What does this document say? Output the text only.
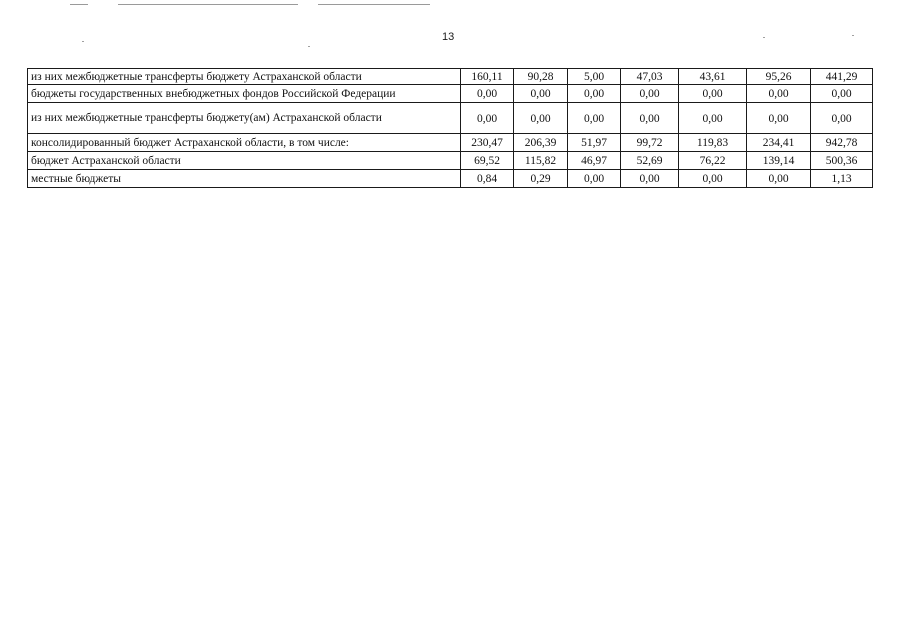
13
из них межбюджетные трансферты бюджету Астраханской области	160,11	90,28	5,00	47,03	43,61	95,26	441,29
бюджеты государственных внебюджетных фондов Российской Федерации	0,00	0,00	0,00	0,00	0,00	0,00	0,00
из них межбюджетные трансферты бюджету(ам) Астраханской области	0,00	0,00	0,00	0,00	0,00	0,00	0,00
консолидированный бюджет Астраханской области, в том числе:	230,47	206,39	51,97	99,72	119,83	234,41	942,78
бюджет Астраханской области	69,52	115,82	46,97	52,69	76,22	139,14	500,36
местные бюджеты	0,84	0,29	0,00	0,00	0,00	0,00	1,13
